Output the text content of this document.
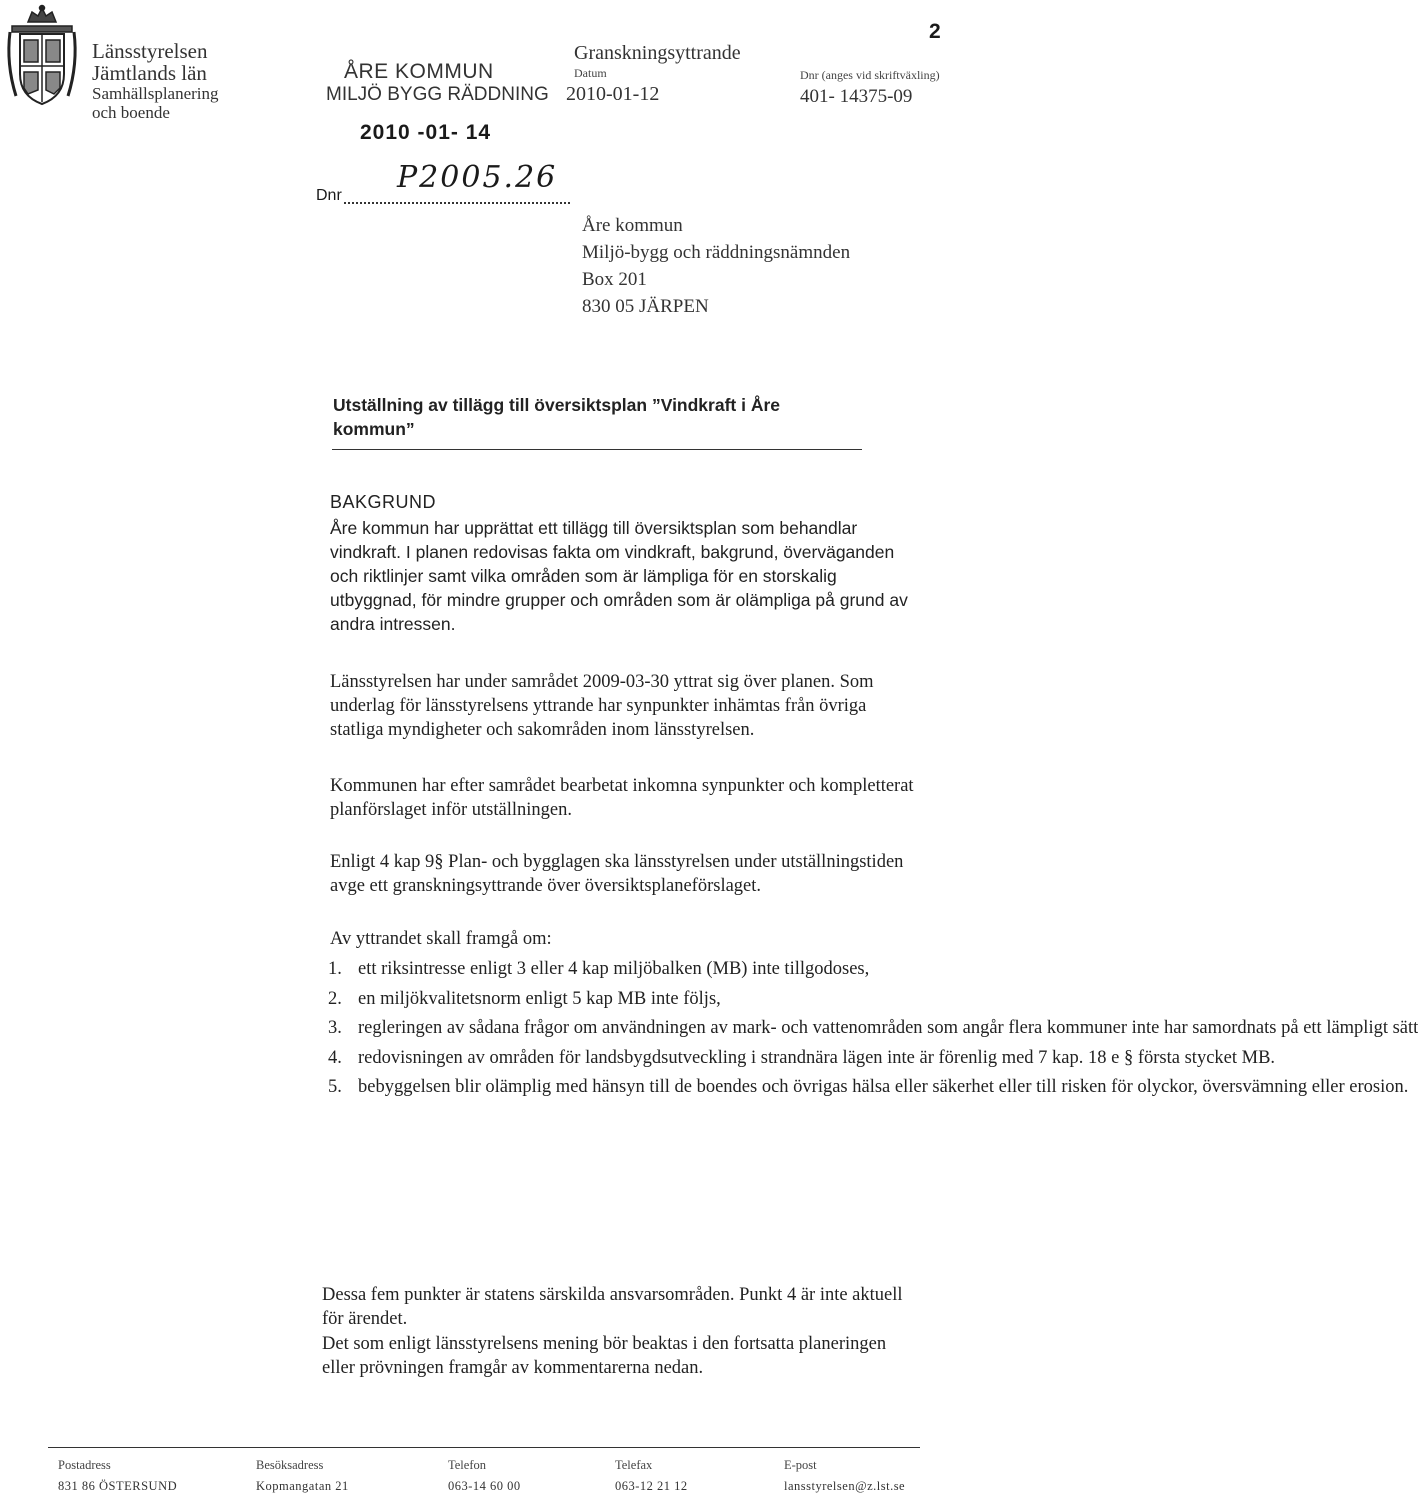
Länsstyrelsen
Jämtlands län
Samhällsplanering
och boende
ÅRE KOMMUN
MILJÖ BYGG RÄDDNING
Granskningsyttrande
Datum
2010-01-12
2
Dnr (anges vid skriftväxling)
401- 14375-09
2010 -01- 14
Dnr
P2005.26
Åre kommun
Miljö-bygg och räddningsnämnden
Box 201
830 05 JÄRPEN
Utställning av tillägg till översiktsplan ”Vindkraft i Åre
kommun”
BAKGRUND
Åre kommun har upprättat ett tillägg till översiktsplan som behandlar vindkraft. I planen redovisas fakta om vindkraft, bakgrund, överväganden och riktlinjer samt vilka områden som är lämpliga för en storskalig utbyggnad, för mindre grupper och områden som är olämpliga på grund av andra intressen.
Länsstyrelsen har under samrådet 2009-03-30 yttrat sig över planen. Som underlag för länsstyrelsens yttrande har synpunkter inhämtas från övriga statliga myndigheter och sakområden inom länsstyrelsen.
Kommunen har efter samrådet bearbetat inkomna synpunkter och kompletterat planförslaget inför utställningen.
Enligt 4 kap 9§ Plan- och bygglagen ska länsstyrelsen under utställningstiden avge ett granskningsyttrande över översiktsplaneförslaget.
Av yttrandet skall framgå om:
1. ett riksintresse enligt 3 eller 4 kap miljöbalken (MB) inte tillgodoses,
2. en miljökvalitetsnorm enligt 5 kap MB inte följs,
3. regleringen av sådana frågor om användningen av mark- och vattenområden som angår flera kommuner inte har samordnats på ett lämpligt sätt
4. redovisningen av områden för landsbygdsutveckling i strandnära lägen inte är förenlig med 7 kap. 18 e § första stycket MB.
5. bebyggelsen blir olämplig med hänsyn till de boendes och övrigas hälsa eller säkerhet eller till risken för olyckor, översvämning eller erosion.
Dessa fem punkter är statens särskilda ansvarsområden. Punkt 4 är inte aktuell för ärendet.
Det som enligt länsstyrelsens mening bör beaktas i den fortsatta planeringen eller prövningen framgår av kommentarerna nedan.
Postadress
831 86 ÖSTERSUND
Besöksadress
Kopmangatan 21
Telefon
063-14 60 00
Telefax
063-12 21 12
E-post
lansstyrelsen@z.lst.se
